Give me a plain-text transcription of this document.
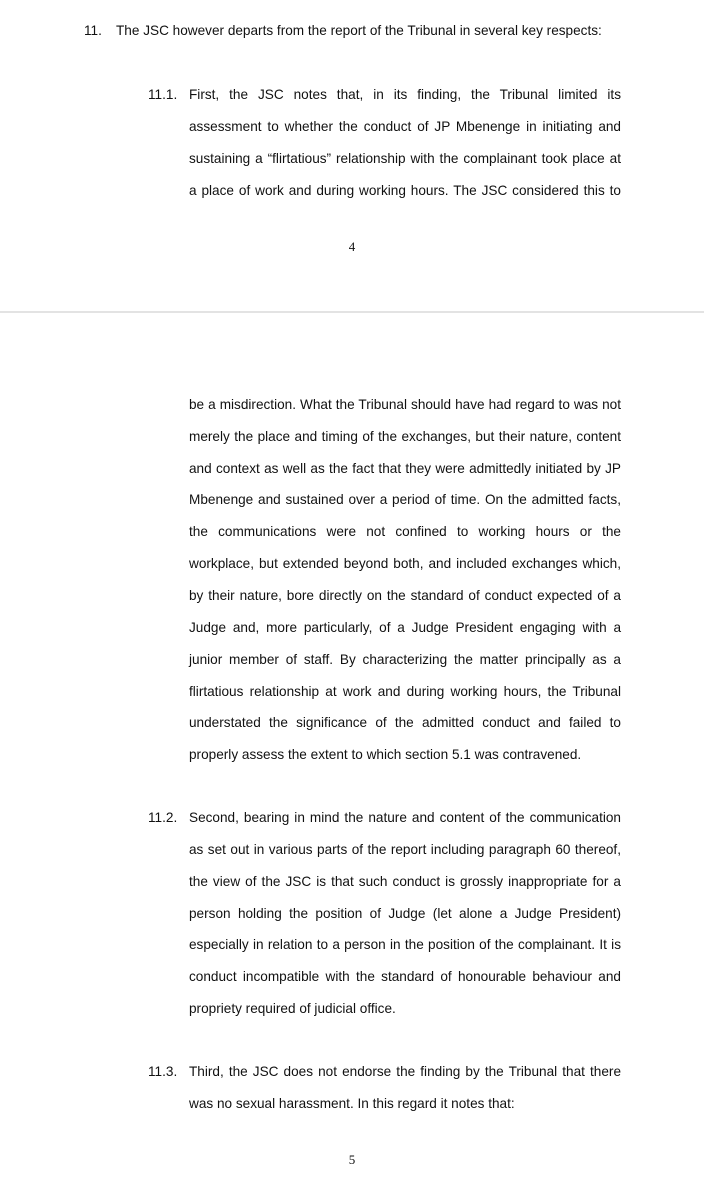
11. The JSC however departs from the report of the Tribunal in several key respects:
11.1. First, the JSC notes that, in its finding, the Tribunal limited its
assessment to whether the conduct of JP Mbenenge in initiating and
sustaining a “flirtatious” relationship with the complainant took place at
a place of work and during working hours. The JSC considered this to
4
be a misdirection. What the Tribunal should have had regard to was not
merely the place and timing of the exchanges, but their nature, content
and context as well as the fact that they were admittedly initiated by JP
Mbenenge and sustained over a period of time. On the admitted facts,
the communications were not confined to working hours or the
workplace, but extended beyond both, and included exchanges which,
by their nature, bore directly on the standard of conduct expected of a
Judge and, more particularly, of a Judge President engaging with a
junior member of staff. By characterizing the matter principally as a
flirtatious relationship at work and during working hours, the Tribunal
understated the significance of the admitted conduct and failed to
properly assess the extent to which section 5.1 was contravened.
11.2. Second, bearing in mind the nature and content of the communication
as set out in various parts of the report including paragraph 60 thereof,
the view of the JSC is that such conduct is grossly inappropriate for a
person holding the position of Judge (let alone a Judge President)
especially in relation to a person in the position of the complainant. It is
conduct incompatible with the standard of honourable behaviour and
propriety required of judicial office.
11.3. Third, the JSC does not endorse the finding by the Tribunal that there
was no sexual harassment. In this regard it notes that:
5
